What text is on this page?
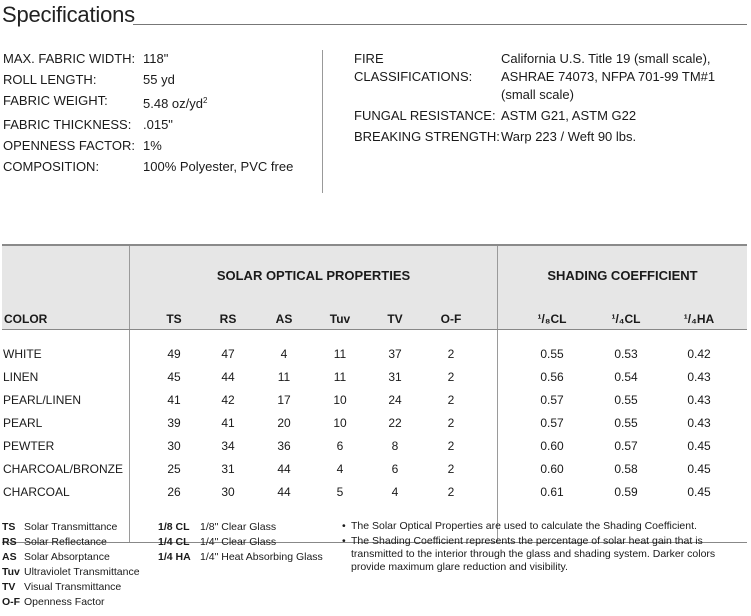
Specifications
MAX. FABRIC WIDTH: 118"
ROLL LENGTH:	55 yd
FABRIC WEIGHT:	5.48 $oz/yd^2$
FABRIC THICKNESS: .015"
OPENNESS FACTOR: 1%
COMPOSITION:	100% Polyester, PVC free
FIRE CLASSIFICATIONS:
California U.S. Title 19 (small scale),
ASHRAE 74073, NFPA 701-99 TM#1
(small scale)
FUNGAL RESISTANCE: ASTM G21, ASTM G22
BREAKING STRENGTH: Warp 223 / Weft 90 lbs.
SOLAR OPTICAL PROPERTIES	SHADING COEFFICIENT
COLOR	TS	RS	AS	Tuv	TV	O-F	¹/₈CL	¹/₄CL	¹/₄HA
WHITE	49	47	4	11	37	2	0.55	0.53	0.42
LINEN	45	44	11	11	31	2	0.56	0.54	0.43
PEARL/LINEN	41	42	17	10	24	2	0.57	0.55	0.43
PEARL	39	41	20	10	22	2	0.57	0.55	0.43
PEWTER	30	34	36	6	8	2	0.60	0.57	0.45
CHARCOAL/BRONZE	25	31	44	4	6	2	0.60	0.58	0.45
CHARCOAL	26	30	44	5	4	2	0.61	0.59	0.45
TS Solar Transmittance
RS Solar Reflectance
AS Solar Absorptance
Tuv Ultraviolet Transmittance
TV Visual Transmittance
O-F Openness Factor
1/8 CL 1/8" Clear Glass
1/4 CL 1/4" Clear Glass
1/4 HA 1/4" Heat Absorbing Glass
• The Solar Optical Properties are used to calculate the Shading Coefficient.
• The Shading Coefficient represents the percentage of solar heat gain that is transmitted to the interior through the glass and shading system. Darker colors provide maximum glare reduction and visibility.
